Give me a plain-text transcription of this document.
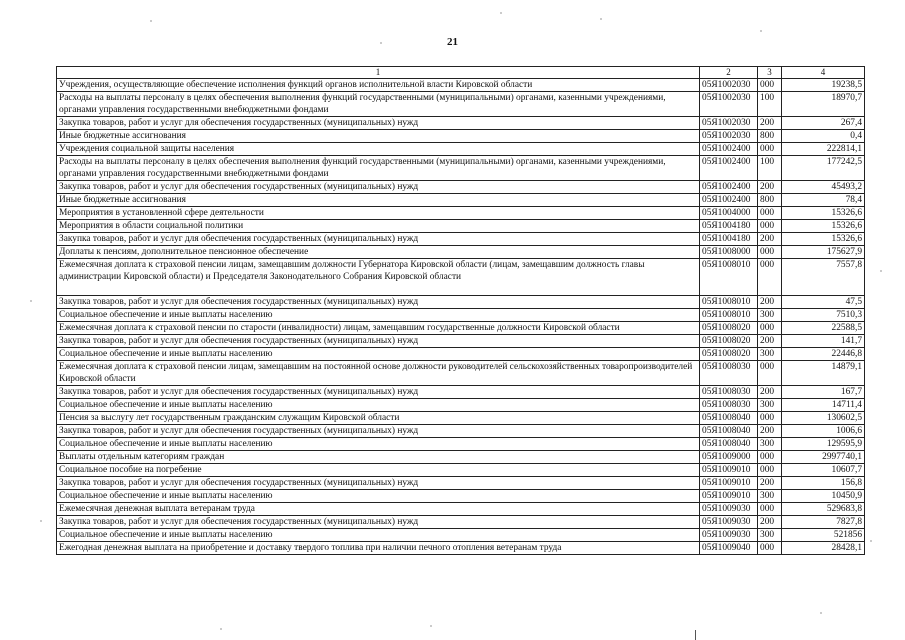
21
1	2	3	4
Учреждения, осуществляющие обеспечение исполнения функций органов исполнительной власти Кировской области	05Я1002030	000	19238,5
Расходы на выплаты персоналу в целях обеспечения выполнения функций государственными (муниципальными) органами, казенными учреждениями, органами управления государственными внебюджетными фондами	05Я1002030	100	18970,7
Закупка товаров, работ и услуг для обеспечения государственных (муниципальных) нужд	05Я1002030	200	267,4
Иные бюджетные ассигнования	05Я1002030	800	0,4
Учреждения социальной защиты населения	05Я1002400	000	222814,1
Расходы на выплаты персоналу в целях обеспечения выполнения функций государственными (муниципальными) органами, казенными учреждениями, органами управления государственными внебюджетными фондами	05Я1002400	100	177242,5
Закупка товаров, работ и услуг для обеспечения государственных (муниципальных) нужд	05Я1002400	200	45493,2
Иные бюджетные ассигнования	05Я1002400	800	78,4
Мероприятия в установленной сфере деятельности	05Я1004000	000	15326,6
Мероприятия в области социальной политики	05Я1004180	000	15326,6
Закупка товаров, работ и услуг для обеспечения государственных (муниципальных) нужд	05Я1004180	200	15326,6
Доплаты к пенсиям, дополнительное пенсионное обеспечение	05Я1008000	000	175627,9
Ежемесячная доплата к страховой пенсии лицам, замещавшим должности Губернатора Кировской области (лицам, замещавшим должность главы администрации Кировской области) и Председателя Законодательного Собрания Кировской области	05Я1008010	000	7557,8
Закупка товаров, работ и услуг для обеспечения государственных (муниципальных) нужд	05Я1008010	200	47,5
Социальное обеспечение и иные выплаты населению	05Я1008010	300	7510,3
Ежемесячная доплата к страховой пенсии по старости (инвалидности) лицам, замещавшим государственные должности Кировской области	05Я1008020	000	22588,5
Закупка товаров, работ и услуг для обеспечения государственных (муниципальных) нужд	05Я1008020	200	141,7
Социальное обеспечение и иные выплаты населению	05Я1008020	300	22446,8
Ежемесячная доплата к страховой пенсии лицам, замещавшим на постоянной основе должности руководителей сельскохозяйственных товаропроизводителей Кировской области	05Я1008030	000	14879,1
Закупка товаров, работ и услуг для обеспечения государственных (муниципальных) нужд	05Я1008030	200	167,7
Социальное обеспечение и иные выплаты населению	05Я1008030	300	14711,4
Пенсия за выслугу лет государственным гражданским служащим Кировской области	05Я1008040	000	130602,5
Закупка товаров, работ и услуг для обеспечения государственных (муниципальных) нужд	05Я1008040	200	1006,6
Социальное обеспечение и иные выплаты населению	05Я1008040	300	129595,9
Выплаты отдельным категориям граждан	05Я1009000	000	2997740,1
Социальное пособие на погребение	05Я1009010	000	10607,7
Закупка товаров, работ и услуг для обеспечения государственных (муниципальных) нужд	05Я1009010	200	156,8
Социальное обеспечение и иные выплаты населению	05Я1009010	300	10450,9
Ежемесячная денежная выплата ветеранам труда	05Я1009030	000	529683,8
Закупка товаров, работ и услуг для обеспечения государственных (муниципальных) нужд	05Я1009030	200	7827,8
Социальное обеспечение и иные выплаты населению	05Я1009030	300	521856
Ежегодная денежная выплата на приобретение и доставку твердого топлива при наличии печного отопления ветеранам труда	05Я1009040	000	28428,1
